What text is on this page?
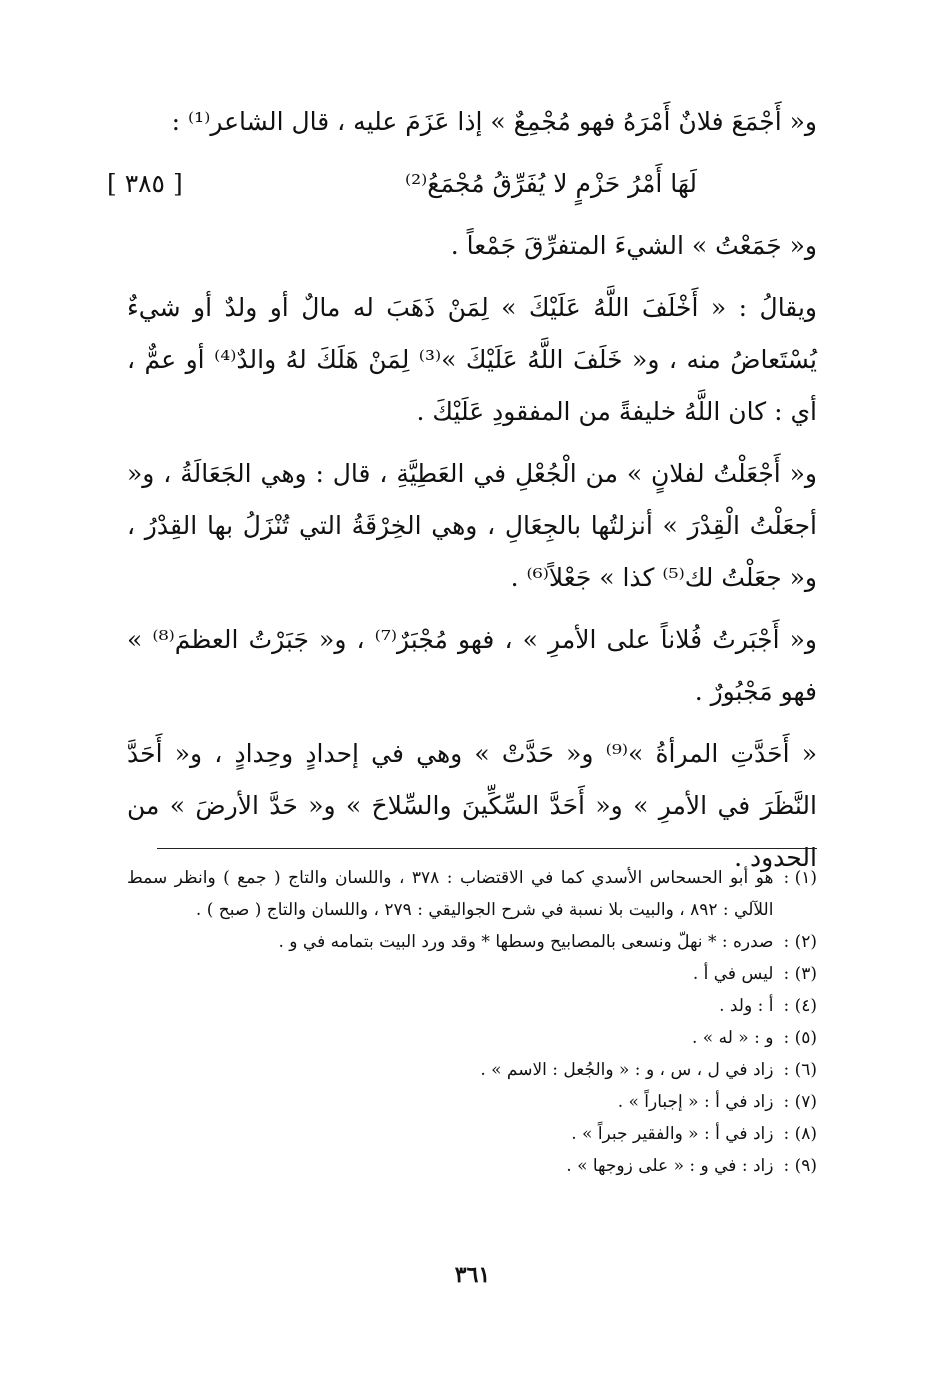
و« أَجْمَعَ فلانٌ أَمْرَهُ فهو مُجْمِعٌ » إذا عَزَمَ عليه ، قال الشاعر⁽¹⁾ :

لَهَا أَمْرُ حَزْمٍ لا يُفَرِّقُ مُجْمَعُ⁽²⁾
[ ٣٨٥ ]

و« جَمَعْتُ » الشيءَ المتفرِّقَ جَمْعاً .

ويقالُ : « أَخْلَفَ اللَّهُ عَلَيْكَ » لِمَنْ ذَهَبَ له مالٌ أو ولدٌ أو شيءٌ يُسْتَعاضُ منه ، و« خَلَفَ اللَّهُ عَلَيْكَ »⁽³⁾ لِمَنْ هَلَكَ لهُ والدٌ⁽⁴⁾ أو عمٌّ ، أي : كان اللَّهُ خليفةً من المفقودِ عَلَيْكَ .

و« أَجْعَلْتُ لفلانٍ » من الْجُعْلِ في العَطِيَّةِ ، قال : وهي الجَعَالَةُ ، و« أجعَلْتُ الْقِدْرَ » أنزلتُها بالجِعَالِ ، وهي الخِرْقَةُ التي تُنْزَلُ بها القِدْرُ ، و« جعَلْتُ لك⁽⁵⁾ كذا » جَعْلاً⁽⁶⁾ .

و« أَجْبَرتُ فُلاناً على الأمرِ » ، فهو مُجْبَرٌ⁽⁷⁾ ، و« جَبَرْتُ العظمَ⁽⁸⁾ » فهو مَجْبُورٌ .

« أَحَدَّتِ المرأةُ »⁽⁹⁾ و« حَدَّتْ » وهي في إحدادٍ وحِدادٍ ، و« أَحَدَّ النَّظَرَ في الأمرِ » و« أَحَدَّ السِّكِّينَ والسِّلاحَ » و« حَدَّ الأرضَ » من الحدود .

(١) :
هو أبو الحسحاس الأسدي كما في الاقتضاب : ٣٧٨ ، واللسان والتاج ( جمع ) وانظر سمط اللآلي : ٨٩٢ ، والبيت بلا نسبة في شرح الجواليقي : ٢٧٩ ، واللسان والتاج ( صبح ) .
(٢) :
صدره : * نهلّ ونسعى بالمصابيح وسطها * وقد ورد البيت بتمامه في و .
(٣) :
ليس في أ .
(٤) :
أ : ولد .
(٥) :
و : « له » .
(٦) :
زاد في ل ، س ، و : « والجُعل : الاسم » .
(٧) :
زاد في أ : « إجباراً » .
(٨) :
زاد في أ : « والفقير جبراً » .
(٩) :
زاد : في و : « على زوجها » .
٣٦١
